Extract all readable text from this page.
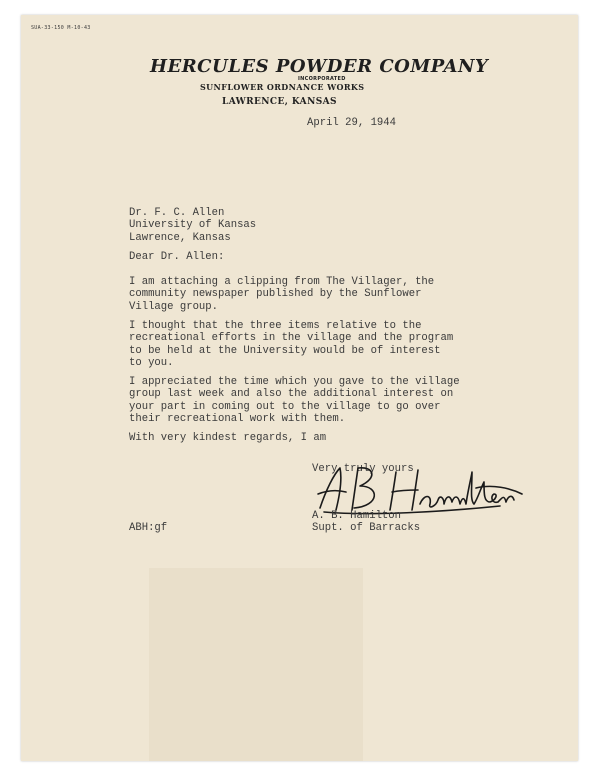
SUA-33-150 M-10-43
HERCULES POWDER COMPANY
INCORPORATED
SUNFLOWER ORDNANCE WORKS
LAWRENCE, KANSAS
April 29, 1944
Dr. F. C. Allen
University of Kansas
Lawrence, Kansas
Dear Dr. Allen:
I am attaching a clipping from The Villager, the
community newspaper published by the Sunflower
Village group.
I thought that the three items relative to the
recreational efforts in the village and the program
to be held at the University would be of interest
to you.
I appreciated the time which you gave to the village
group last week and also the additional interest on
your part in coming out to the village to go over
their recreational work with them.
With very kindest regards, I am
Very truly yours
A. B. Hamilton
Supt. of Barracks
ABH:gf
